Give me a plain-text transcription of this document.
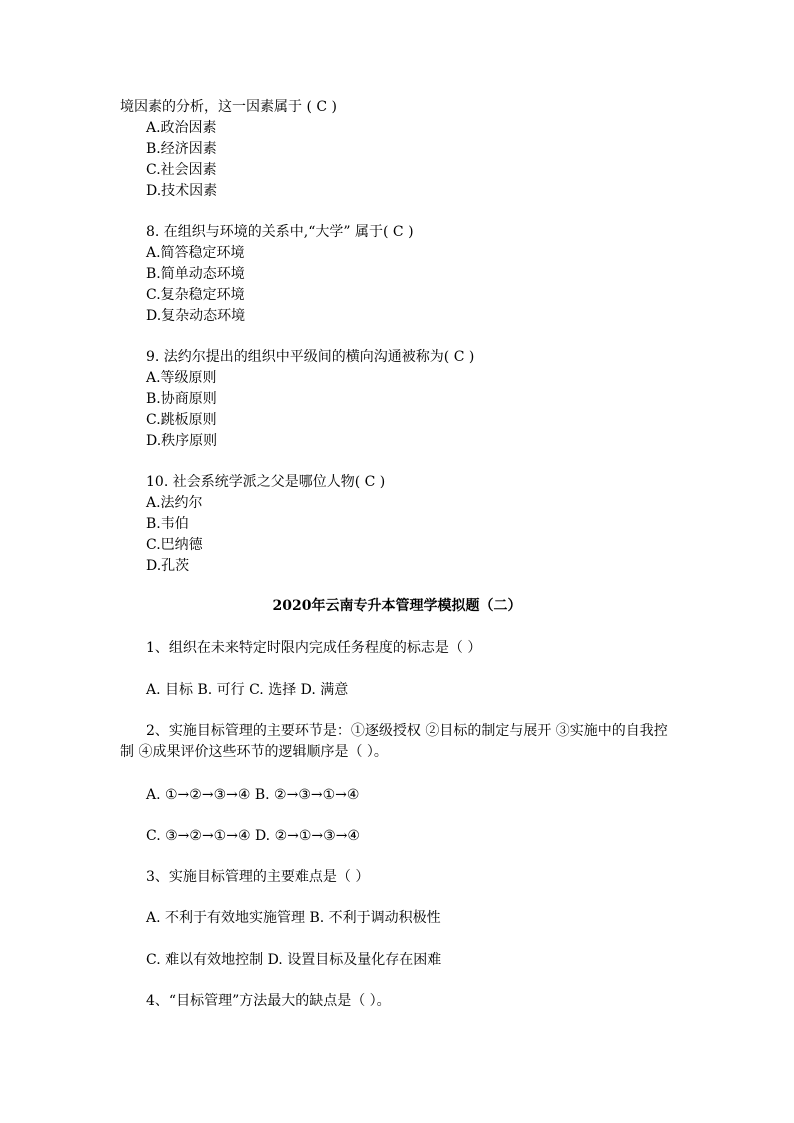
境因素的分析，这一因素属于 ( C )
A.政治因素
B.经济因素
C.社会因素
D.技术因素
8. 在组织与环境的关系中,“大学” 属于( C )
A.简答稳定环境
B.简单动态环境
C.复杂稳定环境
D.复杂动态环境
9. 法约尔提出的组织中平级间的横向沟通被称为( C )
A.等级原则
B.协商原则
C.跳板原则
D.秩序原则
10. 社会系统学派之父是哪位人物( C )
A.法约尔
B.韦伯
C.巴纳德
D.孔茨
2020年云南专升本管理学模拟题（二）
1、组织在未来特定时限内完成任务程度的标志是（ ）
A. 目标 B. 可行 C. 选择 D. 满意
2、实施目标管理的主要环节是：①逐级授权 ②目标的制定与展开 ③实施中的自我控
制 ④成果评价这些环节的逻辑顺序是（ ）。
A. ①→②→③→④ B. ②→③→①→④
C. ③→②→①→④ D. ②→①→③→④
3、实施目标管理的主要难点是（ ）
A. 不利于有效地实施管理 B. 不利于调动积极性
C. 难以有效地控制 D. 设置目标及量化存在困难
4、“目标管理”方法最大的缺点是（ ）。
